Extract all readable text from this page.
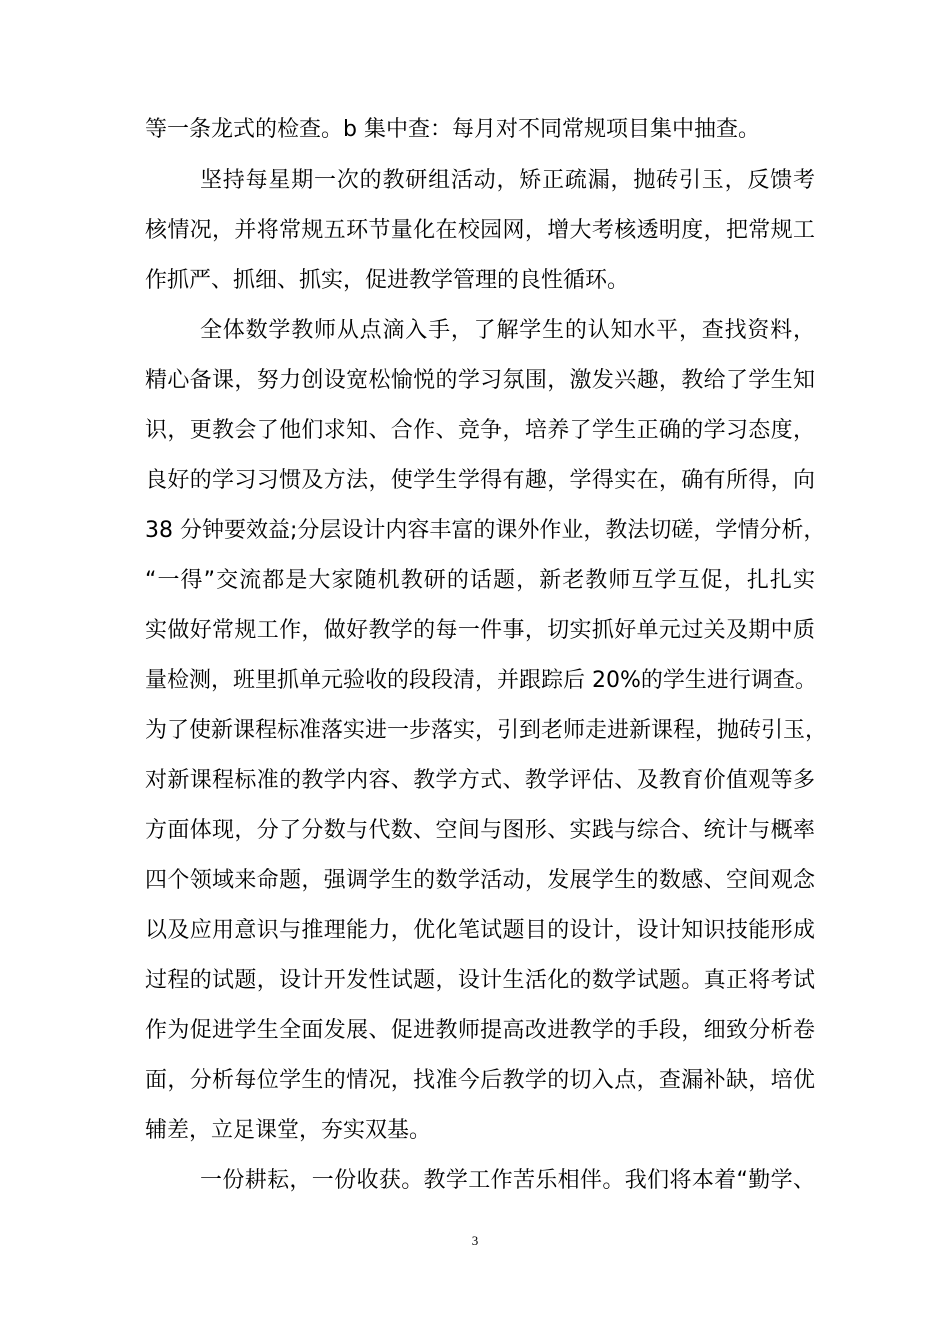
等一条龙式的检查。b 集中查：每月对不同常规项目集中抽查。
坚持每星期一次的教研组活动，矫正疏漏，抛砖引玉，反馈考
核情况，并将常规五环节量化在校园网，增大考核透明度，把常规工
作抓严、抓细、抓实，促进教学管理的良性循环。
全体数学教师从点滴入手，了解学生的认知水平，查找资料，
精心备课，努力创设宽松愉悦的学习氛围，激发兴趣，教给了学生知
识，更教会了他们求知、合作、竞争，培养了学生正确的学习态度，
良好的学习习惯及方法，使学生学得有趣，学得实在，确有所得，向
38 分钟要效益;分层设计内容丰富的课外作业，教法切磋，学情分析，
“一得”交流都是大家随机教研的话题，新老教师互学互促，扎扎实
实做好常规工作，做好教学的每一件事，切实抓好单元过关及期中质
量检测，班里抓单元验收的段段清，并跟踪后 20%的学生进行调查。
为了使新课程标准落实进一步落实，引到老师走进新课程，抛砖引玉，
对新课程标准的教学内容、教学方式、教学评估、及教育价值观等多
方面体现，分了分数与代数、空间与图形、实践与综合、统计与概率
四个领域来命题，强调学生的数学活动，发展学生的数感、空间观念
以及应用意识与推理能力，优化笔试题目的设计，设计知识技能形成
过程的试题，设计开发性试题，设计生活化的数学试题。真正将考试
作为促进学生全面发展、促进教师提高改进教学的手段，细致分析卷
面，分析每位学生的情况，找准今后教学的切入点，查漏补缺，培优
辅差，立足课堂，夯实双基。
一份耕耘，一份收获。教学工作苦乐相伴。我们将本着“勤学、
3
